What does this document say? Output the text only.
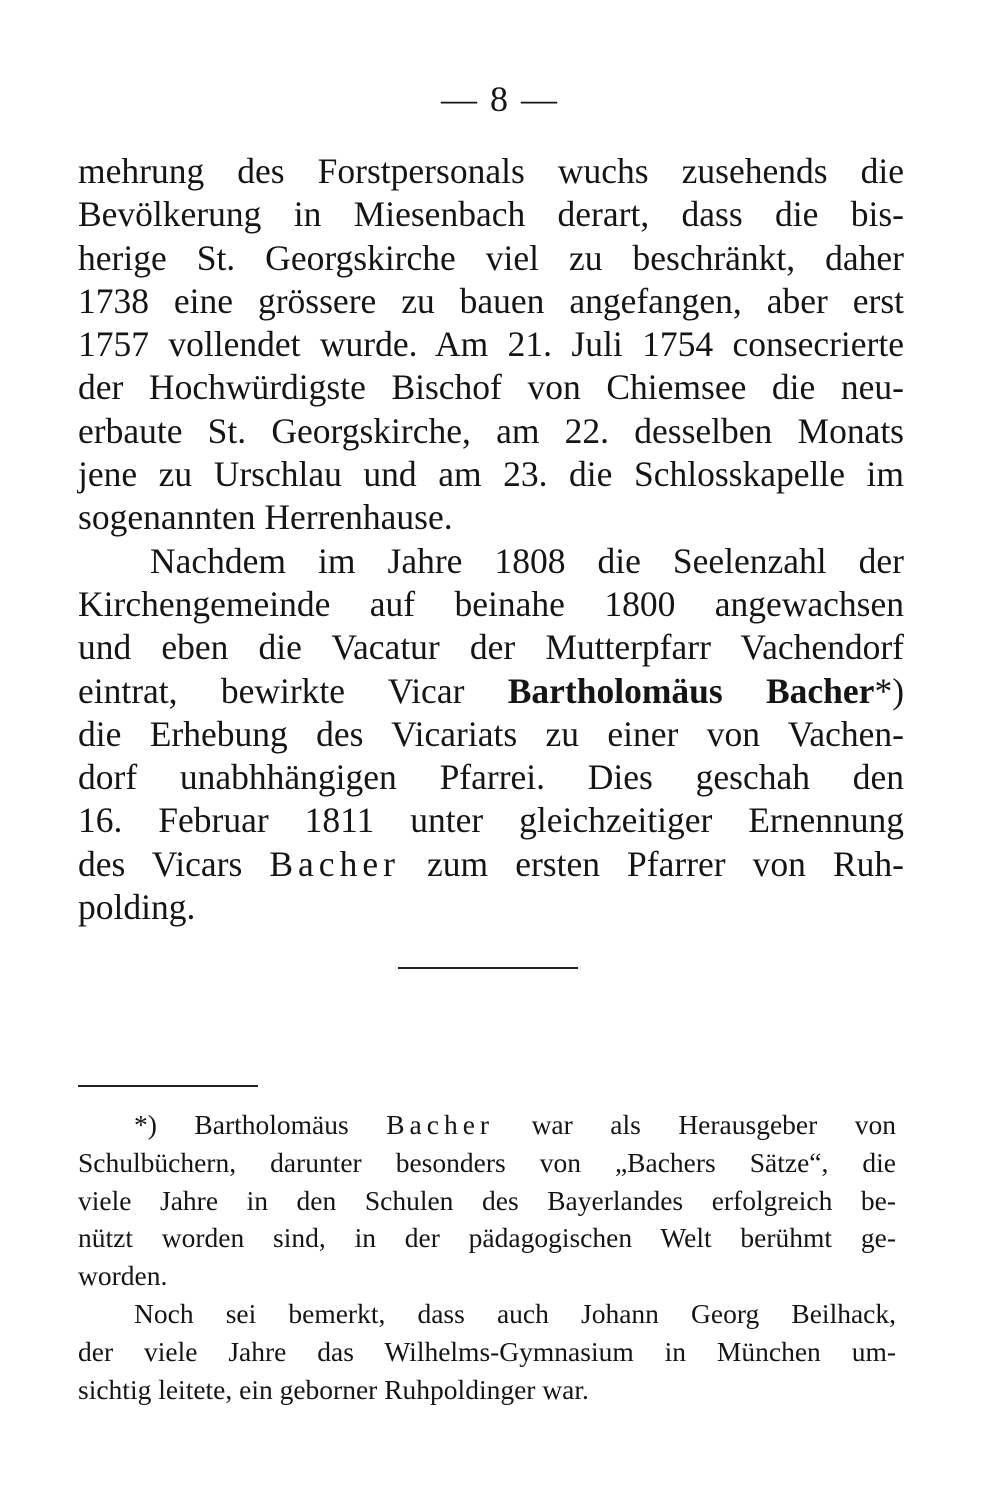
— 8 —
mehrung des Forstpersonals wuchs zusehends die
Bevölkerung in Miesenbach derart, dass die bis-
herige St. Georgskirche viel zu beschränkt, daher
1738 eine grössere zu bauen angefangen, aber erst
1757 vollendet wurde. Am 21. Juli 1754 consecrierte
der Hochwürdigste Bischof von Chiemsee die neu-
erbaute St. Georgskirche, am 22. desselben Monats
jene zu Urschlau und am 23. die Schlosskapelle im
sogenannten Herrenhause.
Nachdem im Jahre 1808 die Seelenzahl der
Kirchengemeinde auf beinahe 1800 angewachsen
und eben die Vacatur der Mutterpfarr Vachendorf
eintrat, bewirkte Vicar Bartholomäus Bacher*)
die Erhebung des Vicariats zu einer von Vachen-
dorf unabhhängigen Pfarrei. Dies geschah den
16. Februar 1811 unter gleichzeitiger Ernennung
des Vicars Bacher zum ersten Pfarrer von Ruh-
polding.
*) Bartholomäus Bacher war als Herausgeber von
Schulbüchern, darunter besonders von „Bachers Sätze“, die
viele Jahre in den Schulen des Bayerlandes erfolgreich be-
nützt worden sind, in der pädagogischen Welt berühmt ge-
worden.
Noch sei bemerkt, dass auch Johann Georg Beilhack,
der viele Jahre das Wilhelms-Gymnasium in München um-
sichtig leitete, ein geborner Ruhpoldinger war.
